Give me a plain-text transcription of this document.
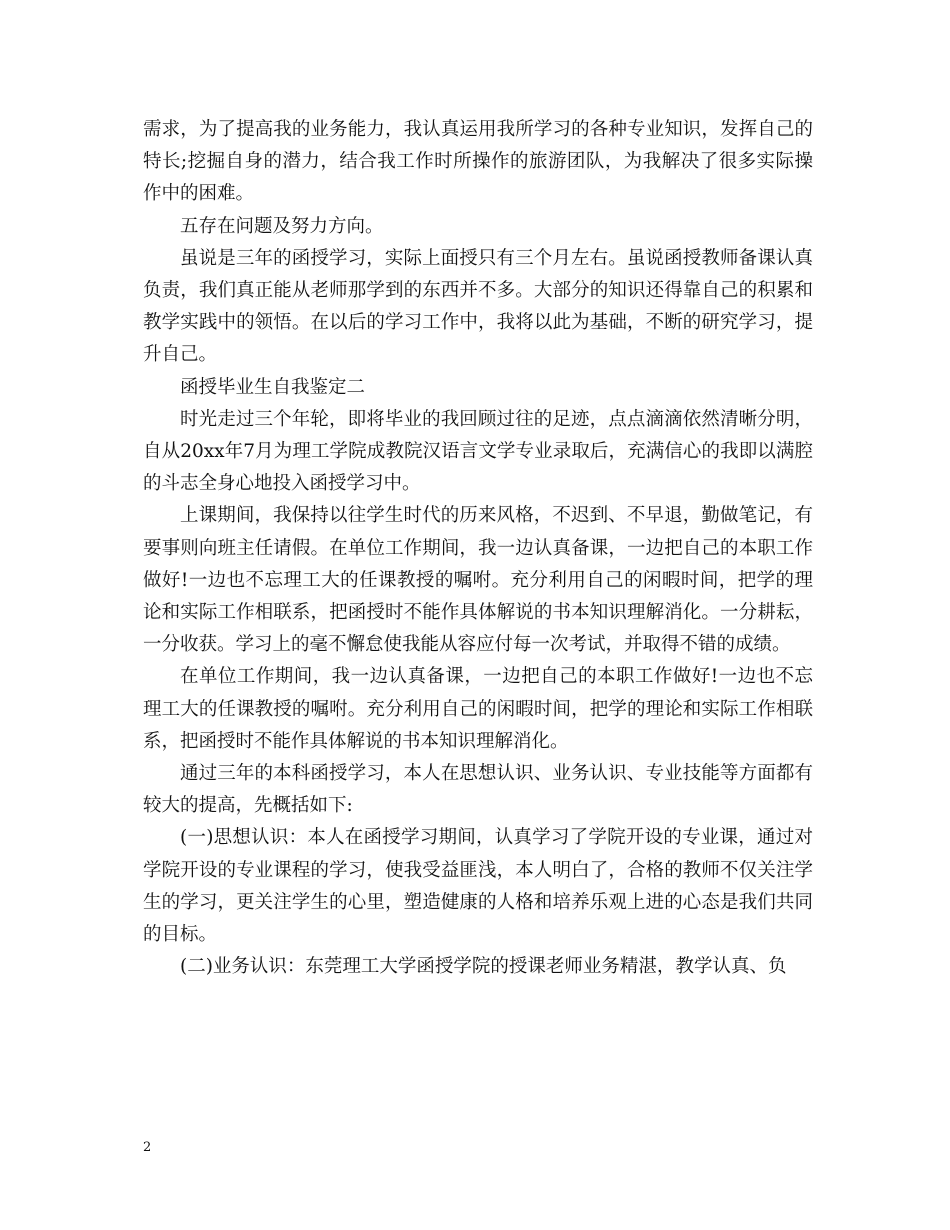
需求，为了提高我的业务能力，我认真运用我所学习的各种专业知识，发挥自己的特长;挖掘自身的潜力，结合我工作时所操作的旅游团队，为我解决了很多实际操作中的困难。

五存在问题及努力方向。

虽说是三年的函授学习，实际上面授只有三个月左右。虽说函授教师备课认真负责，我们真正能从老师那学到的东西并不多。大部分的知识还得靠自己的积累和教学实践中的领悟。在以后的学习工作中，我将以此为基础，不断的研究学习，提升自己。

函授毕业生自我鉴定二

时光走过三个年轮，即将毕业的我回顾过往的足迹，点点滴滴依然清晰分明，自从20xx年7月为理工学院成教院汉语言文学专业录取后，充满信心的我即以满腔的斗志全身心地投入函授学习中。

上课期间，我保持以往学生时代的历来风格，不迟到、不早退，勤做笔记，有要事则向班主任请假。在单位工作期间，我一边认真备课，一边把自己的本职工作做好!一边也不忘理工大的任课教授的嘱咐。充分利用自己的闲暇时间，把学的理论和实际工作相联系，把函授时不能作具体解说的书本知识理解消化。一分耕耘，一分收获。学习上的毫不懈怠使我能从容应付每一次考试，并取得不错的成绩。

在单位工作期间，我一边认真备课，一边把自己的本职工作做好!一边也不忘理工大的任课教授的嘱咐。充分利用自己的闲暇时间，把学的理论和实际工作相联系，把函授时不能作具体解说的书本知识理解消化。

通过三年的本科函授学习，本人在思想认识、业务认识、专业技能等方面都有较大的提高，先概括如下:

(一)思想认识：本人在函授学习期间，认真学习了学院开设的专业课，通过对学院开设的专业课程的学习，使我受益匪浅，本人明白了，合格的教师不仅关注学生的学习，更关注学生的心里，塑造健康的人格和培养乐观上进的心态是我们共同的目标。

(二)业务认识：东莞理工大学函授学院的授课老师业务精湛，教学认真、负

2
